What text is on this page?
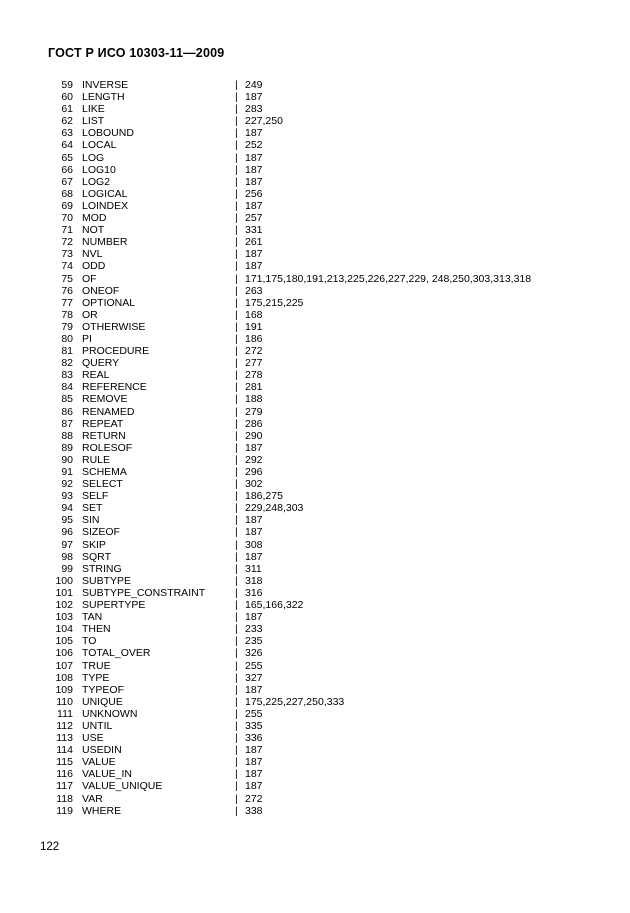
ГОСТ Р ИСО 10303-11—2009
59 INVERSE	| 249
60 LENGTH	| 187
61 LIKE	| 283
62 LIST	| 227,250
63 LOBOUND	| 187
64 LOCAL	| 252
65 LOG	| 187
66 LOG10	| 187
67 LOG2	| 187
68 LOGICAL	| 256
69 LOINDEX	| 187
70 MOD	| 257
71 NOT	| 331
72 NUMBER	| 261
73 NVL	| 187
74 ODD	| 187
75 OF	| 171,175,180,191,213,225,226,227,229, 248,250,303,313,318
76 ONEOF	| 263
77 OPTIONAL	| 175,215,225
78 OR	| 168
79 OTHERWISE	| 191
80 PI	| 186
81 PROCEDURE	| 272
82 QUERY	| 277
83 REAL	| 278
84 REFERENCE	| 281
85 REMOVE	| 188
86 RENAMED	| 279
87 REPEAT	| 286
88 RETURN	| 290
89 ROLESOF	| 187
90 RULE	| 292
91 SCHEMA	| 296
92 SELECT	| 302
93 SELF	| 186,275
94 SET	| 229,248,303
95 SIN	| 187
96 SIZEOF	| 187
97 SKIP	| 308
98 SQRT	| 187
99 STRING	| 311
100 SUBTYPE	| 318
101 SUBTYPE_CONSTRAINT	| 316
102 SUPERTYPE	| 165,166,322
103 TAN	| 187
104 THEN	| 233
105 TO	| 235
106 TOTAL_OVER	| 326
107 TRUE	| 255
108 TYPE	| 327
109 TYPEOF	| 187
110 UNIQUE	| 175,225,227,250,333
111 UNKNOWN	| 255
112 UNTIL	| 335
113 USE	| 336
114 USEDIN	| 187
115 VALUE	| 187
116 VALUE_IN	| 187
117 VALUE_UNIQUE	| 187
118 VAR	| 272
119 WHERE	| 338
122
